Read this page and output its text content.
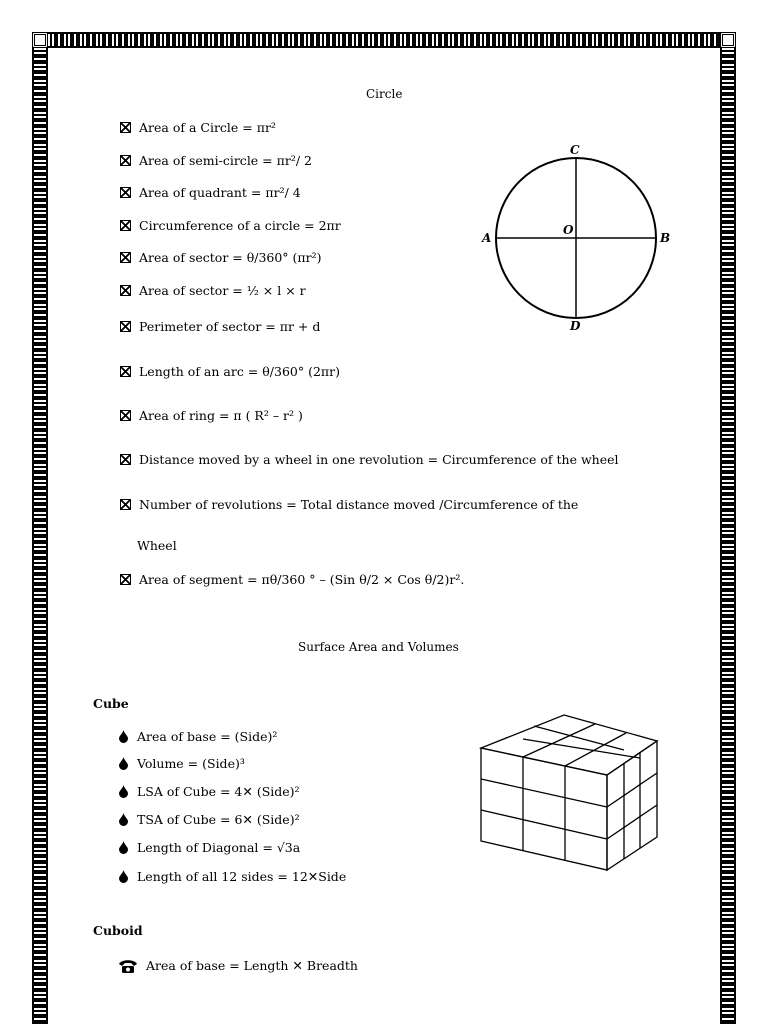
Circle
Area of a Circle = πr²
Area of semi-circle = πr²/ 2
Area of quadrant = πr²/ 4
Circumference of a circle = 2πr
Area of sector = θ/360° (πr²)
Area of sector = ½ × l × r
Perimeter of sector = πr + d
Length of an arc = θ/360° (2πr)
Area of ring = π ( R² – r² )
Distance moved by a wheel in one revolution = Circumference of the wheel
Number of revolutions = Total distance moved /Circumference of the
Wheel
Area of segment = πθ/360 ° – (Sin θ/2 × Cos θ/2)r².
C
D
A	B
O
Surface Area and Volumes
Cube
Area of base = (Side)²
Volume = (Side)³
LSA of Cube = 4✕ (Side)²
TSA of Cube = 6✕ (Side)²
Length of Diagonal = √3a
Length of all 12 sides = 12✕Side
Cuboid
Area of base = Length ✕ Breadth
